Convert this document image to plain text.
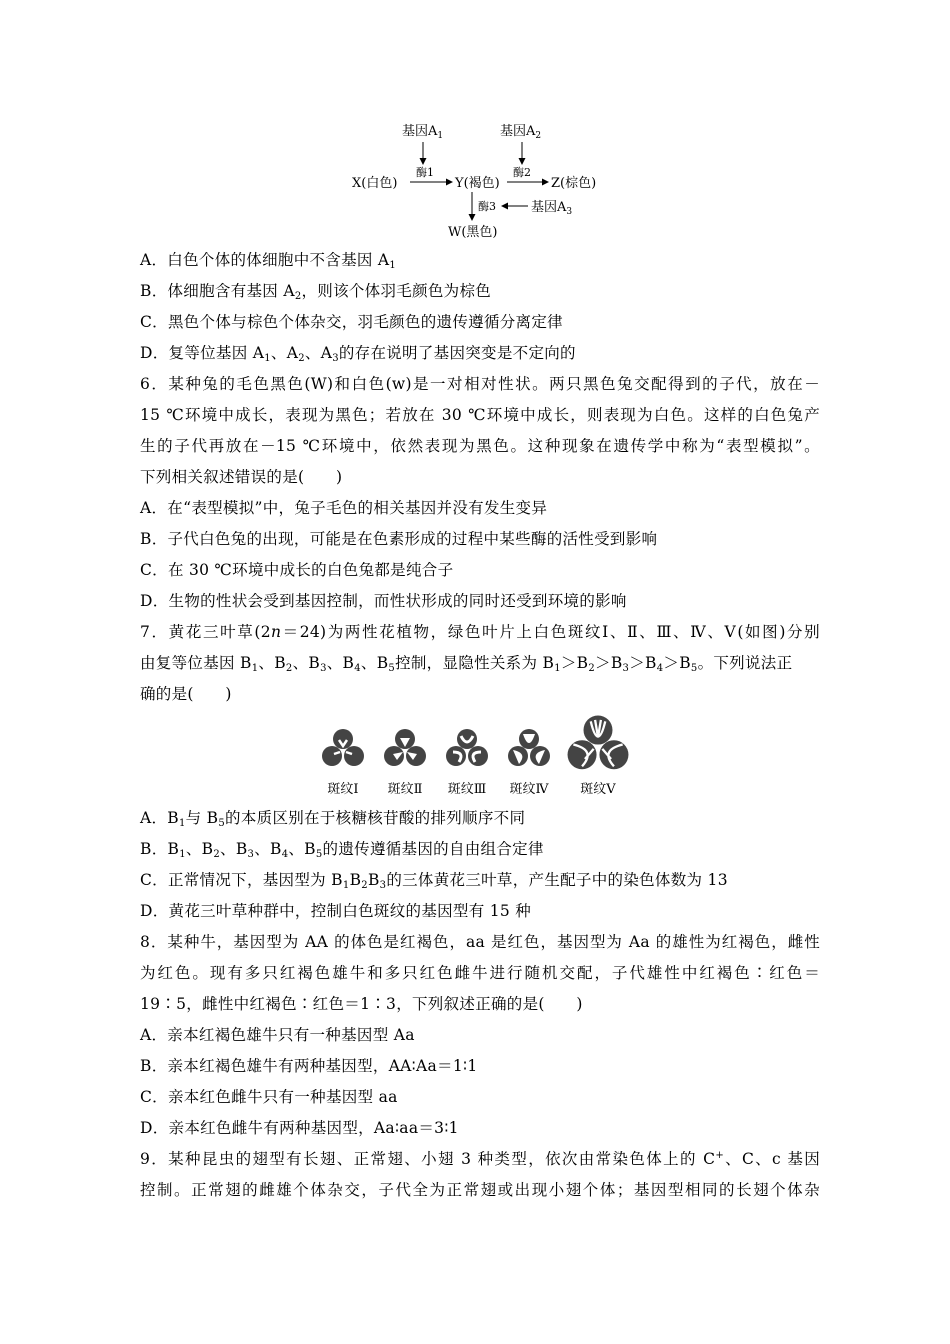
基因$A_1$	基因$A_2$
X(白色)
酶1
Y(褐色)
酶2
Z(棕色)
酶3	基因$A_3$
W(黑色)
A．白色个体的体细胞中不含基因 $A_1$
B．体细胞含有基因 $A_2$，则该个体羽毛颜色为棕色
C．黑色个体与棕色个体杂交，羽毛颜色的遗传遵循分离定律
D．复等位基因 $A_1$、$A_2$、$A_3$的存在说明了基因突变是不定向的
6．某种兔的毛色黑色(W)和白色(w)是一对相对性状。两只黑色兔交配得到的子代，放在－
15 ℃环境中成长，表现为黑色；若放在 30 ℃环境中成长，则表现为白色。这样的白色兔产
生的子代再放在－15 ℃环境中，依然表现为黑色。这种现象在遗传学中称为“表型模拟”。
下列相关叙述错误的是(　　)
A．在“表型模拟”中，兔子毛色的相关基因并没有发生变异
B．子代白色兔的出现，可能是在色素形成的过程中某些酶的活性受到影响
C．在 30 ℃环境中成长的白色兔都是纯合子
D．生物的性状会受到基因控制，而性状形成的同时还受到环境的影响
7．黄花三叶草(2n＝24)为两性花植物，绿色叶片上白色斑纹Ⅰ、Ⅱ、Ⅲ、Ⅳ、Ⅴ(如图)分别
由复等位基因 $B_1$、$B_2$、$B_3$、$B_4$、$B_5$控制，显隐性关系为 $B_1>B_2>B_3>B_4>B_5$。下列说法正
确的是(　　)
斑纹Ⅰ 斑纹Ⅱ 斑纹Ⅲ 斑纹Ⅳ 斑纹Ⅴ
A．$B_1$与 $B_5$的本质区别在于核糖核苷酸的排列顺序不同
B．$B_1$、$B_2$、$B_3$、$B_4$、$B_5$的遗传遵循基因的自由组合定律
C．正常情况下，基因型为 $B_1B_2B_3$的三体黄花三叶草，产生配子中的染色体数为 13
D．黄花三叶草种群中，控制白色斑纹的基因型有 15 种
8．某种牛，基因型为 AA 的体色是红褐色，aa 是红色，基因型为 Aa 的雄性为红褐色，雌性
为红色。现有多只红褐色雄牛和多只红色雌牛进行随机交配，子代雄性中红褐色∶红色＝
19∶5，雌性中红褐色∶红色＝1∶3，下列叙述正确的是(　　)
A．亲本红褐色雄牛只有一种基因型 Aa
B．亲本红褐色雄牛有两种基因型，AA∶Aa＝1∶1
C．亲本红色雌牛只有一种基因型 aa
D．亲本红色雌牛有两种基因型，Aa∶aa＝3∶1
9．某种昆虫的翅型有长翅、正常翅、小翅 3 种类型，依次由常染色体上的 C+、C、c 基因
控制。正常翅的雌雄个体杂交，子代全为正常翅或出现小翅个体；基因型相同的长翅个体杂
